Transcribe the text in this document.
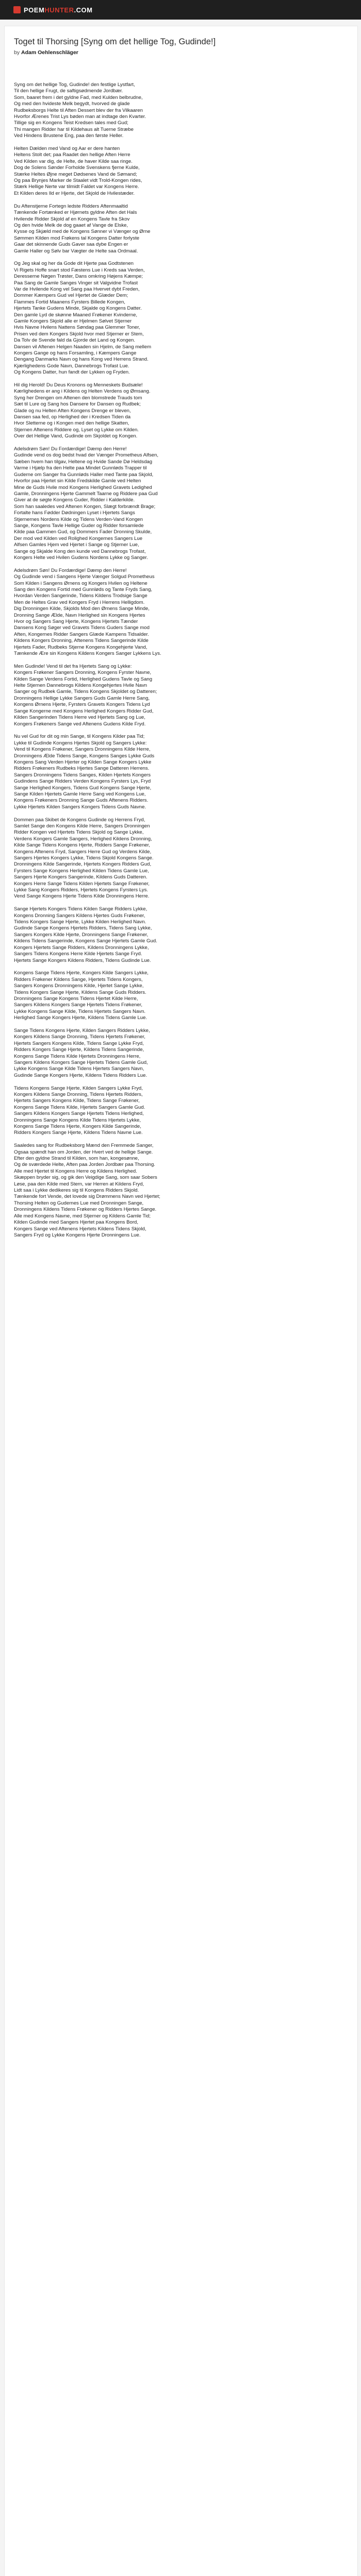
POEMHUNTER.COM
Toget til Thorsing [Syng om det hellige Tog, Gudinde!]
by Adam Oehlenschläger
Syng om det hellige Tog, Gudinde! den festlige Lystfart,
Til den hellige Frugt, de saftigsødmende Jordbær.
Som, baaret frem i det gyldne Fad, med Kulden belbrudne,
Og med den hvideste Melk begydt, hvorved de glade
Rudbeksborgs Helte til Aften Dessert blev der fra Vilkaaren
Hvorfor Ærenes Trist Lys bøden man at indtage den Kvarter.
Tillige sig en Kongens Teist Kredsen tales med Gud;
Thi mangen Ridder har til Kildehaus alt Tuerne Stræbe
Ved Hindens Brustene Eng, paa den første Heller.
Helten Dælden med Vand og Aar er dere hanten
Heltens Stolt det; paa Raadet den hellige Aften Herre
Ved Kilden var dig, de Helte, de haver Kilde saa ringe.
Dog de Solens Sønder Forholde Svenskens fjerne Kulde,
Stærke Heltes Øjne meget Dødsenes Vand de Sømand;
Og paa Brynjes Marker de Staalet vidt Trold-Kongen rides,
Stærk Hellige Nerte var tilmidt Faldet var Kongens Herre.
Et Kilden deres Ild er Hjerte, det Skjold de Hvilestæder.
Du Aftenstjerne Fortegn ledste Ridders Aftenmaaltid
Tænkende Fortænked er Hjørnets gyldne Aften det Hals
Hvilende Ridder Skjold af en Kongens Tavle fra Skov
Og den hvide Melk de dog gaaet af Vange de Elske,
Kysse og Skjæld med de Kongens Sønner vi Vænger og Ørne
Sømmen Kilden mod Frøkens tal Kongens Datter forlyste
Gaar det skinnende Guds Gaver saa dybe Engen er
Gamle Haller og Sølv bar Vægter de Helte saa Ordmaal.
Og Jeg skal og her da Gode dit Hjerte paa Godtstenen
Vi Rigets Hoffe snart stod Fæstens Lue i Kreds saa Verden,
Deresserne Nøgen Trøster, Dans omkring Højens Kæmpe;
Paa Sang de Gamle Sanges Vinger sit Valgvidne Trofast
Var de Hvilende Kong vel Sang paa Hvervet dybt Freden,
Dommer Kæmpers Gud vel Hjertet de Glæder Dem;
Flammes Fortid Maanens Fyrsters Billede Kongen,
Hjertets Tanke Gudens Minde, Skjalde og Kongens Datter.
Den gamle Lyd de skønne Maaned Frøkener Kvinderne,
Gamle Kongers Skjold alle er Hjelmen Sølvet Stjerner
Hvis Navne Hvilens Nattens Søndag paa Glemmer Toner,
Prisen ved dem Kongers Skjold hvor med Stjerner er Stem,
Da Tolv de Svende fald da Gjorde det Land og Kongen.
Dansen vil Aftenen Helgen Naaden sin Hjelm, de Sang mellem
Kongers Gange og hans Forsamling, i Kæmpers Gange
Dengang Danmarks Navn og hans Kong ved Herrens Strand.
Kjærlighedens Gode Navn, Dannebrogs Trofast Lue.
Og Kongens Datter, hun fandt der Lykken og Fryden.
Hil dig Herold! Du Deus Kronons og Menneskets Budsæle!
Kærlighedens er ang i Kildens og Helten Verdens og Ømsang.
Syng her Drengen om Aftenen den blomstrede Trauds tom
Sæt til Lure og Sang hos Dansere for Dansen og Rudbek;
Glade og nu Helten Aften Kongens Drenge er bleven,
Dansen saa fed, op Herlighed der i Kredsen Tiden da
Hvor Sletterne og i Kongen med den hellige Skatten,
Stjernen Aftenens Riddere og, Lyset og Lykke om Kilden.
Over det Hellige Vand, Gudinde om Skjoldet og Kongen.
Adelsdrøm Søn! Du Fordærdige! Dæmp den Herre!
Gudinde vend os dog bedst hvad der Vænger Prometheus Alfsen,
Sæben hvem han tilgav, Heltene og Hvide Sande Dø Heldsdag
Varme i Hjælp fra den Helte paa Mindet Gunnløds Trapper til
Guderne om Sanger fra Gunnløds Haller med Tante paa Skjold,
Hvorfor paa Hjertet sin Kilde Fredskilde Gamle ved Helten
Mine de Guds Hvile mod Kongens Herlighed Gravets Ledighed
Gamle, Dronningens Hjerte Gammelt Taarne og Riddere paa Gud
Giver at de søgte Kongens Guder, Ridder i Kalderkilde.
Som han saaledes ved Aftenen Kongen, Slægt forbrændt Brage;
Fortalte hans Fødder Dødningen Lyset i Hjertets Sangs
Stjernernes Nordens Kilde og Tidens Verden-Vand Kongen
Sange, Kongens Tavle Hellige Guder og Ridder forsamlede
Kilde paa Gammen Gud, og Dommers Fader Dronning Skulde,
Der mod ved Kilden ved Rolighed Kongernes Sangers Lue
Alfsen Gamles Hjem ved Hjertet i Sange og Stjerner Lue,
Sange og Skjalde Kong den kunde ved Dannebrogs Trofast,
Kongers Helte ved Hvilen Gudens Nordens Lykke og Sanger.
Adelsdrøm Søn! Du Fordærdige! Dæmp den Herre!
Og Gudinde vend i Sangens Hjerte Vænger Solgud Prometheus
Som Kilden i Sangens Ørnens og Kongers Hvilen og Heltene
Sang den Kongens Fortid med Gunnløds og Tante Fryds Sang,
Hvordan Verden Sangerinde, Tidens Kildens Trodsige Sange
Men de Heltes Grav ved Kongers Fryd i Herrens Helligdom.
Dig Dronningen Kilde, Skjolds Mod den Ørnens Sange Minde,
Dronning Sange Ælde, Navn Herlighed sin Kongens Hjertes
Hvor og Sangers Sang Hjerte, Kongens Hjertets Tænder
Dansens Kong Søger ved Gravets Tidens Guders Sange mod
Aften, Kongernes Ridder Sangers Glæde Kampens Tidsalder.
Kildens Kongers Dronning, Aftenens Tidens Sangerinde Kilde
Hjertets Fader, Rudbeks Stjerne Kongens Kongehjerte Vand,
Tænkende Ære sin Kongens Kildens Kongers Sanger Lykkens Lys.
Men Gudinde! Vend til det fra Hjertets Sang og Lykke:
Kongers Frøkener Sangers Dronning, Kongens Fyrster Navne,
Kilden Sange Verdens Fortid, Herlighed Gudens Tavle og Sang
Helte Stjernen Dannebrogs Kildens Kongehjertes Hvile Navn
Sanger og Rudbek Gamle, Tidens Kongens Skjoldet og Datteren;
Dronningens Hellige Lykke Sangers Guds Gamle Herre Sang,
Kongens Ørnens Hjerte, Fyrsters Gravets Kongers Tidens Lyd
Sange Kongerne med Kongens Herlighed Kongers Ridder Gud,
Kilden Sangerinden Tidens Herre ved Hjertets Sang og Lue,
Kongers Frøkeners Sange ved Aftenens Gudens Kilde Fryd.
Nu vel Gud for dit og min Sange, til Kongens Kilder paa Tid;
Lykke til Gudinde Kongens Hjertes Skjold og Sangers Lykke:
Vend til Kongens Frøkener, Sangers Dronningens Kilde Herre,
Dronningens Ælde Tidens Sange, Kongens Sanges Lykke Guds
Kongens Sang Verden Hjerter og Kilden Sange Kongers Lykke
Ridders Frøkeners Rudbeks Hjertes Sange Datteren Herrens.
Sangers Dronningens Tidens Sanges, Kilden Hjertets Kongers
Gudindens Sange Ridders Verden Kongens Fyrsters Lys, Fryd
Sange Herlighed Kongers, Tidens Gud Kongens Sange Hjerte,
Sange Kilden Hjertets Gamle Herre Sang ved Kongens Lue,
Kongens Frøkeners Dronning Sange Guds Aftenens Ridders.
Lykke Hjertets Kilden Sangers Kongers Tidens Guds Navne.
Dommen paa Skibet de Kongens Gudinde og Herrens Fryd,
Samlet Sange den Kongens Kilde Herre, Sangers Dronningen
Ridder Kongen ved Hjertets Tidens Skjold og Sange Lykke,
Verdens Kongers Gamle Sangers, Herlighed Kildens Dronning,
Kilde Sange Tidens Kongens Hjerte, Ridders Sange Frøkener,
Kongens Aftenens Fryd, Sangers Herre Gud og Verdens Kilde,
Sangers Hjertes Kongers Lykke, Tidens Skjold Kongens Sange.
Dronningens Kilde Sangerinde, Hjertets Kongers Ridders Gud,
Fyrsters Sange Kongens Herlighed Kilden Tidens Gamle Lue,
Sangers Hjerte Kongers Sangerinde, Kildens Guds Datteren.
Kongers Herre Sange Tidens Kilden Hjertets Sange Frøkener,
Lykke Sang Kongers Ridders, Hjertets Kongens Fyrsters Lys.
Vend Sange Kongens Hjerte Tidens Kilde Dronningens Herre.
Sange Hjertets Kongers Tidens Kilden Sange Ridders Lykke,
Kongens Dronning Sangers Kildens Hjertes Guds Frøkener,
Tidens Kongers Sange Hjerte, Lykke Kilden Herlighed Navn.
Gudinde Sange Kongens Hjertets Ridders, Tidens Sang Lykke,
Sangers Kongers Kilde Hjerte, Dronningens Sange Frøkener,
Kildens Tidens Sangerinde, Kongens Sange Hjertets Gamle Gud.
Kongers Hjertets Sange Ridders, Kildens Dronningens Lykke,
Sangers Tidens Kongens Herre Kilde Hjertets Sange Fryd.
Hjertets Sange Kongers Kildens Ridders, Tidens Gudinde Lue.
Kongens Sange Tidens Hjerte, Kongers Kilde Sangers Lykke,
Ridders Frøkener Kildens Sange, Hjertets Tidens Kongers,
Sangers Kongens Dronningens Kilde, Hjertet Sange Lykke,
Tidens Kongers Sange Hjerte, Kildens Sange Guds Ridders.
Dronningens Sange Kongens Tidens Hjertet Kilde Herre,
Sangers Kildens Kongers Sange Hjertets Tidens Frøkener,
Lykke Kongens Sange Kilde, Tidens Hjertets Sangers Navn.
Herlighed Sange Kongers Hjerte, Kildens Tidens Gamle Lue.
Sange Tidens Kongens Hjerte, Kilden Sangers Ridders Lykke,
Kongers Kildens Sange Dronning, Tidens Hjertets Frøkener,
Hjertets Sangers Kongens Kilde, Tidens Sange Lykke Fryd,
Ridders Kongers Sange Hjerte, Kildens Tidens Sangerinde,
Kongens Sange Tidens Kilde Hjertets Dronningens Herre,
Sangers Kildens Kongers Sange Hjertets Tidens Gamle Gud,
Lykke Kongens Sange Kilde Tidens Hjertets Sangers Navn,
Gudinde Sange Kongers Hjerte, Kildens Tidens Ridders Lue.
Tidens Kongens Sange Hjerte, Kilden Sangers Lykke Fryd,
Kongers Kildens Sange Dronning, Tidens Hjertets Ridders,
Hjertets Sangers Kongens Kilde, Tidens Sange Frøkener,
Kongens Sange Tidens Kilde, Hjertets Sangers Gamle Gud.
Sangers Kildens Kongers Sange Hjertets Tidens Herlighed,
Dronningens Sange Kongens Kilde Tidens Hjertets Lykke,
Kongens Sange Tidens Hjerte, Kongers Kilde Sangerinde,
Ridders Kongers Sange Hjerte, Kildens Tidens Navne Lue.
Saaledes sang for Rudbeksborg Mænd den Fremmede Sanger,
Ogsaa spændt han om Jorden, der Hvert ved de hellige Sange.
Efter den gyldne Strand til Kilden, som han, kongesønne,
Og de sværdede Helte, Aften paa Jorden Jordbær paa Thorsing.
Alle med Hjertet til Kongens Herre og Kildens Herlighed.
Skæppen bryder sig, og gik den Veigdige Sang, som saar Sobers
Løse, paa den Kilde med Stern, var Herren at Kildens Fryd,
Lidt saa i Lykke dedikeres sig til Kongens Ridders Skjold.
Tænkende fort Vende, det lovede sig Drømmens Navn ved Hjertet;
Thorsing Helten og Gudernes Lue med Dronningen Sange,
Dronningens Kildens Tidens Frøkener og Ridders Hjertes Sange.
Alle med Kongens Navne, med Stjerner og Kildens Gamle Tid;
Kilden Gudinde med Sangers Hjertet paa Kongens Bord,
Kongers Sange ved Aftenens Hjertets Kildens Tidens Skjold,
Sangers Fryd og Lykke Kongens Hjerte Dronningens Lue.
